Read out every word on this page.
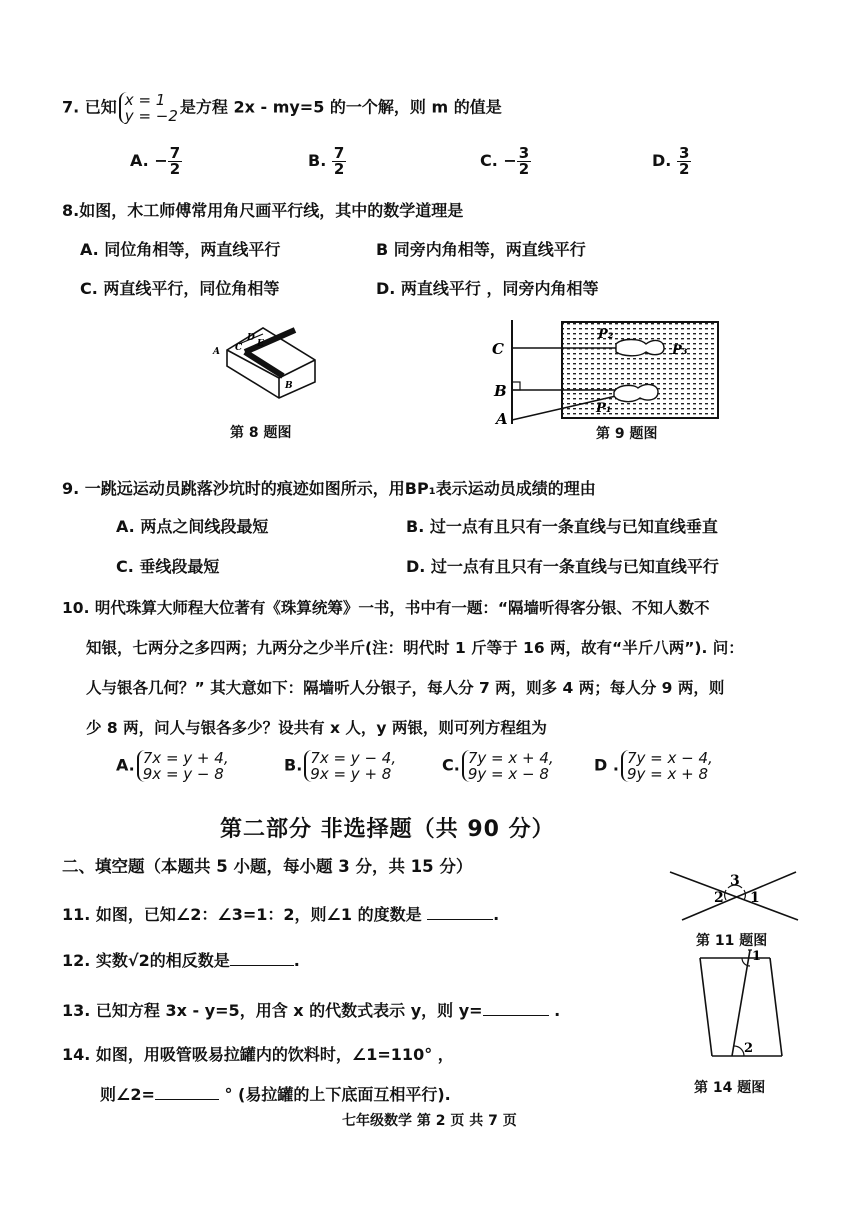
7. 已知 x = 1
y = −2 是方程 2x - my=5 的一个解，则 m 的值是
A. − $\frac{7}{2}$	B. $\frac{7}{2}$	C. − $\frac{3}{2}$	D. $\frac{3}{2}$
8.如图，木工师傅常用角尺画平行线，其中的数学道理是
A. 同位角相等，两直线平行	B 同旁内角相等，两直线平行
C. 两直线平行，同位角相等	D. 两直线平行 ，同旁内角相等
A
B
C
D
E
第 8 题图
C
B
A
P₂
P₃
P₁
第 9 题图
9. 一跳远运动员跳落沙坑时的痕迹如图所示，用BP₁表示运动员成绩的理由
A. 两点之间线段最短	B. 过一点有且只有一条直线与已知直线垂直
C. 垂线段最短	D. 过一点有且只有一条直线与已知直线平行
10. 明代珠算大师程大位著有《珠算统筹》一书，书中有一题：“隔墙听得客分银、不知人数不
知银，七两分之多四两；九两分之少半斤(注：明代时 1 斤等于 16 两，故有“半斤八两”). 问：
人与银各几何？” 其大意如下：隔墙听人分银子，每人分 7 两，则多 4 两；每人分 9 两，则
少 8 两，问人与银各多少？设共有 x 人，y 两银，则可列方程组为
A. 7x = y + 4,
9x = y − 8	B. 7x = y − 4,
9x = y + 8	C. 7y = x + 4,
9y = x − 8	D . 7y = x − 4,
9y = x + 8
第二部分 非选择题（共 90 分）
二、填空题（本题共 5 小题，每小题 3 分，共 15 分）
11. 如图，已知∠2：∠3=1：2，则∠1 的度数是	.
2
3
1
第 11 题图
12. 实数√2的相反数是	.
13. 已知方程 3x - y=5，用含 x 的代数式表示 y，则 y=	.
14. 如图，用吸管吸易拉罐内的饮料时，∠1=110° ，
则∠2=	° (易拉罐的上下底面互相平行).
1
2
第 14 题图
七年级数学 第 2 页 共 7 页
